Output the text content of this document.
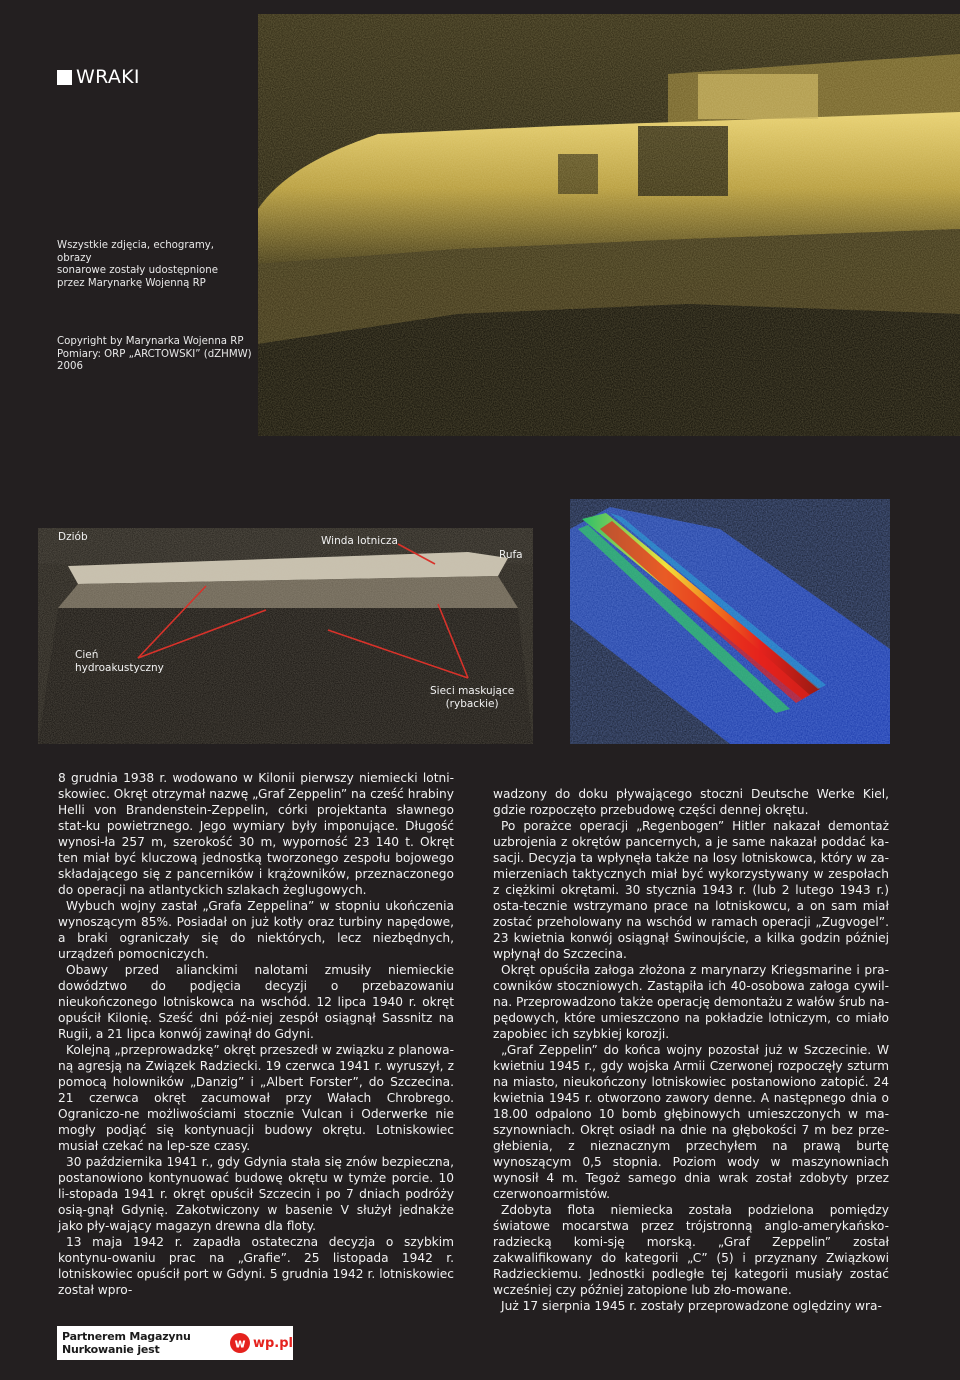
WRAKI
Wszystkie zdjęcia, echogramy, obrazy
sonarowe zostały udostępnione
przez Marynarkę Wojenną RP
Copyright by Marynarka Wojenna RP
Pomiary: ORP „ARCTOWSKI” (dZHMW)
2006
Dziób	Winda lotnicza
Rufa
Cień
hydroakustyczny
Sieci maskujące
(rybackie)

8 grudnia 1938 r. wodowano w Kilonii pierwszy niemiecki lotni-skowiec. Okręt otrzymał nazwę „Graf Zeppelin” na cześć hrabiny Helli von Brandenstein-Zeppelin, córki projektanta sławnego stat-ku powietrznego. Jego wymiary były imponujące. Długość wynosi-ła 257 m, szerokość 30 m, wyporność 23 140 t. Okręt ten miał być kluczową jednostką tworzonego zespołu bojowego składającego się z pancerników i krążowników, przeznaczonego do operacji na atlantyckich szlakach żeglugowych.

Wybuch wojny zastał „Grafa Zeppelina” w stopniu ukończenia wynoszącym 85%. Posiadał on już kotły oraz turbiny napędowe, a braki ograniczały się do niektórych, lecz niezbędnych, urządzeń pomocniczych.

Obawy przed alianckimi nalotami zmusiły niemieckie dowództwo do podjęcia decyzji o przebazowaniu nieukończonego lotniskowca na wschód. 12 lipca 1940 r. okręt opuścił Kilonię. Sześć dni póź-niej zespół osiągnął Sassnitz na Rugii, a 21 lipca konwój zawinął do Gdyni.

Kolejną „przeprowadzkę” okręt przeszedł w związku z planowa-ną agresją na Związek Radziecki. 19 czerwca 1941 r. wyruszył, z pomocą holowników „Danzig” i „Albert Forster”, do Szczecina. 21 czerwca okręt zacumował przy Wałach Chrobrego. Ograniczo-ne możliwościami stocznie Vulcan i Oderwerke nie mogły podjąć się kontynuacji budowy okrętu. Lotniskowiec musiał czekać na lep-sze czasy.

30 października 1941 r., gdy Gdynia stała się znów bezpieczna, postanowiono kontynuować budowę okrętu w tymże porcie. 10 li-stopada 1941 r. okręt opuścił Szczecin i po 7 dniach podróży osią-gnął Gdynię. Zakotwiczony w basenie V służył jednakże jako pły-wający magazyn drewna dla floty.

13 maja 1942 r. zapadła ostateczna decyzja o szybkim kontynu-owaniu prac na „Grafie”. 25 listopada 1942 r. lotniskowiec opuścił port w Gdyni. 5 grudnia 1942 r. lotniskowiec został wpro-

wadzony do doku pływającego stoczni Deutsche Werke Kiel, gdzie rozpoczęto przebudowę części dennej okrętu.

Po porażce operacji „Regenbogen” Hitler nakazał demontaż uzbrojenia z okrętów pancernych, a je same nakazał poddać ka-sacji. Decyzja ta wpłynęła także na losy lotniskowca, który w za-mierzeniach taktycznych miał być wykorzystywany w zespołach z ciężkimi okrętami. 30 stycznia 1943 r. (lub 2 lutego 1943 r.) osta-tecznie wstrzymano prace na lotniskowcu, a on sam miał zostać przeholowany na wschód w ramach operacji „Zugvogel”. 23 kwietnia konwój osiągnął Świnoujście, a kilka godzin później wpłynął do Szczecina.

Okręt opuściła załoga złożona z marynarzy Kriegsmarine i pra-cowników stoczniowych. Zastąpiła ich 40-osobowa załoga cywil-na. Przeprowadzono także operację demontażu z wałów śrub na-pędowych, które umieszczono na pokładzie lotniczym, co miało zapobiec ich szybkiej korozji.

„Graf Zeppelin” do końca wojny pozostał już w Szczecinie. W kwietniu 1945 r., gdy wojska Armii Czerwonej rozpoczęły szturm na miasto, nieukończony lotniskowiec postanowiono zatopić. 24 kwietnia 1945 r. otworzono zawory denne. A następnego dnia o 18.00 odpalono 10 bomb głębinowych umieszczonych w ma-szynowniach. Okręt osiadł na dnie na głębokości 7 m bez prze-głebienia, z nieznacznym przechyłem na prawą burtę wynoszącym 0,5 stopnia. Poziom wody w maszynowniach wynosił 4 m. Tegoż samego dnia wrak został zdobyty przez czerwonoarmistów.

Zdobyta flota niemiecka została podzielona pomiędzy światowe mocarstwa przez trójstronną anglo-amerykańsko-radziecką komi-sję morską. „Graf Zeppelin” został zakwalifikowany do kategorii „C” (5) i przyznany Związkowi Radzieckiemu. Jednostki podległe tej kategorii musiały zostać wcześniej czy później zatopione lub zło-mowane.

Już 17 sierpnia 1945 r. zostały przeprowadzone oględziny wra-

Partnerem Magazynu Nurkowanie jest	w wp.pl
